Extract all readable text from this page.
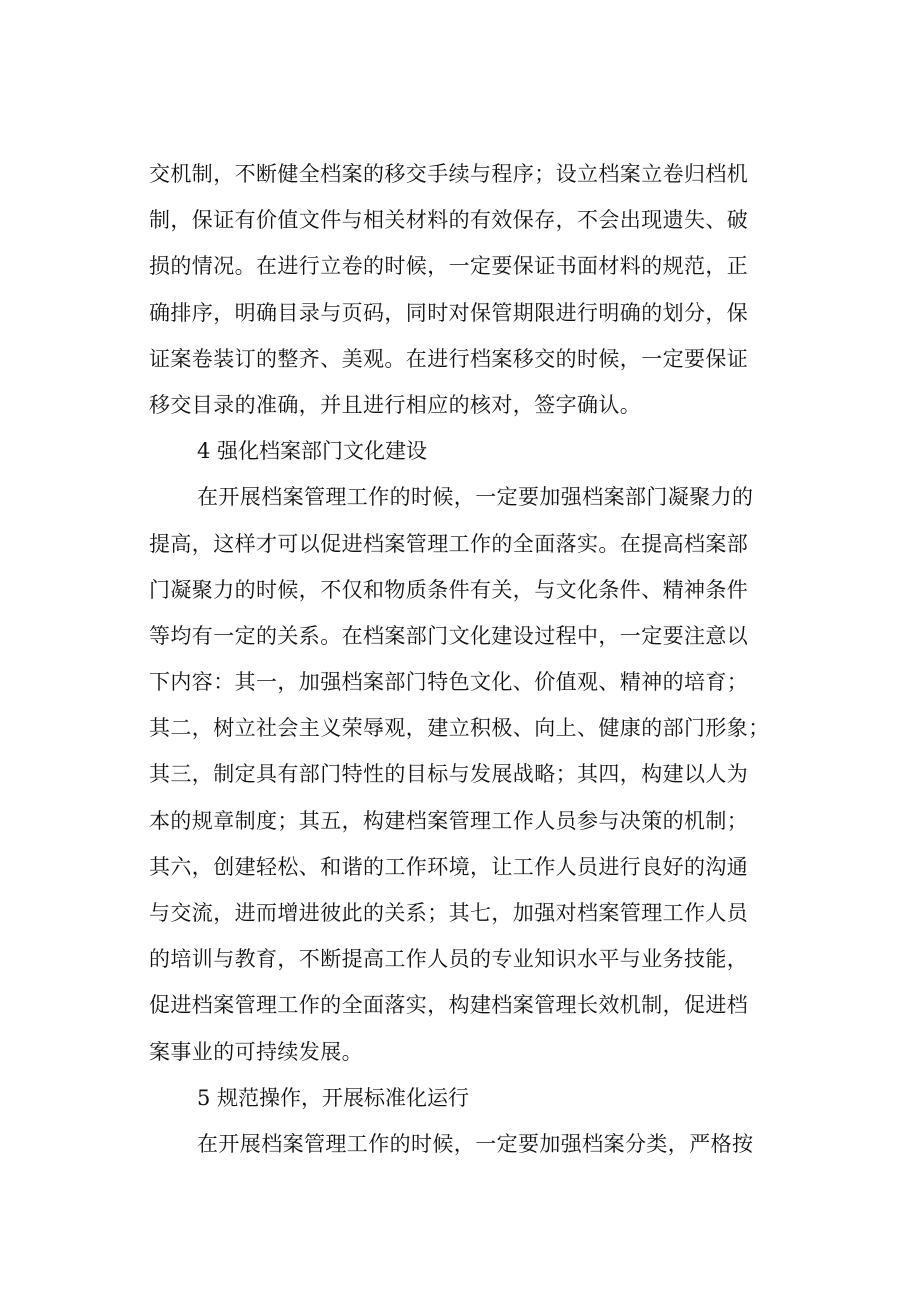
交机制，不断健全档案的移交手续与程序；设立档案立卷归档机
制，保证有价值文件与相关材料的有效保存，不会出现遗失、破
损的情况。在进行立卷的时候，一定要保证书面材料的规范，正
确排序，明确目录与页码，同时对保管期限进行明确的划分，保
证案卷装订的整齐、美观。在进行档案移交的时候，一定要保证
移交目录的准确，并且进行相应的核对，签字确认。
4 强化档案部门文化建设
在开展档案管理工作的时候，一定要加强档案部门凝聚力的
提高，这样才可以促进档案管理工作的全面落实。在提高档案部
门凝聚力的时候，不仅和物质条件有关，与文化条件、精神条件
等均有一定的关系。在档案部门文化建设过程中，一定要注意以
下内容：其一，加强档案部门特色文化、价值观、精神的培育；
其二，树立社会主义荣辱观，建立积极、向上、健康的部门形象；
其三，制定具有部门特性的目标与发展战略；其四，构建以人为
本的规章制度；其五，构建档案管理工作人员参与决策的机制；
其六，创建轻松、和谐的工作环境，让工作人员进行良好的沟通
与交流，进而增进彼此的关系；其七，加强对档案管理工作人员
的培训与教育，不断提高工作人员的专业知识水平与业务技能，
促进档案管理工作的全面落实，构建档案管理长效机制，促进档
案事业的可持续发展。
5 规范操作，开展标准化运行
在开展档案管理工作的时候，一定要加强档案分类，严格按
